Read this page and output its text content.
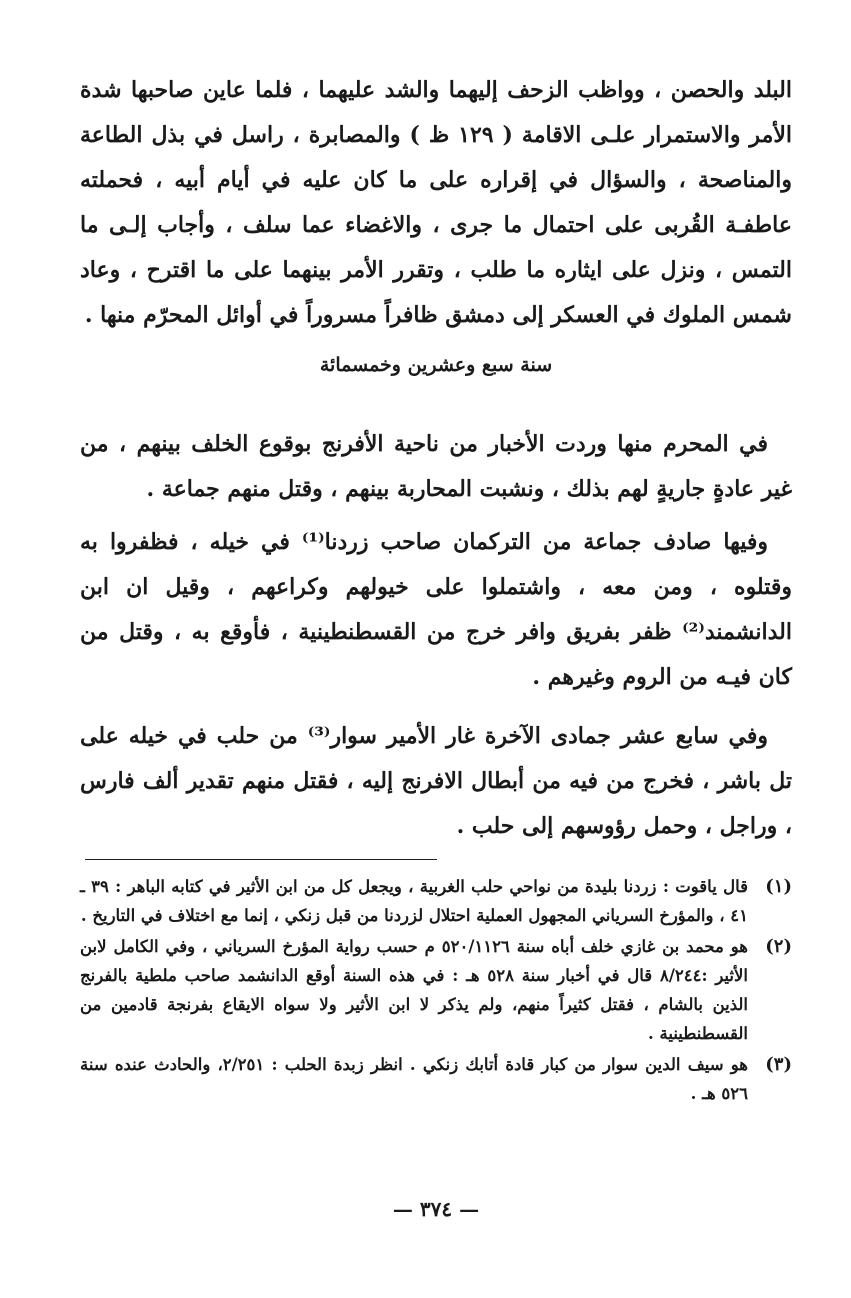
البلد والحصن ، وواظب الزحف إليهما والشد عليهما ، فلما عاين صاحبها شدة الأمر والاستمرار علـى الاقامة ( ١٢٩ ظ ) والمصابرة ، راسل في بذل الطاعة والمناصحة ، والسؤال في إقراره على ما كان عليه في أيام أبيه ، فحملته عاطفـة القُربى على احتمال ما جرى ، والاغضاء عما سلف ، وأجاب إلـى ما التمس ، ونزل على ايثاره ما طلب ، وتقرر الأمر بينهما على ما اقترح ، وعاد شمس الملوك في العسكر إلى دمشق ظافراً مسروراً في أوائل المحرّم منها .

سنة سبع وعشرين وخمسمائة

في المحرم منها وردت الأخبار من ناحية الأفرنج بوقوع الخلف بينهم ، من غير عادةٍ جاريةٍ لهم بذلك ، ونشبت المحاربة بينهم ، وقتل منهم جماعة .

وفيها صادف جماعة من التركمان صاحب زردنا⁽¹⁾ في خيله ، فظفروا به وقتلوه ، ومن معه ، واشتملوا على خيولهم وكراعهم ، وقيل ان ابن الدانشمند⁽²⁾ ظفر بفريق وافر خرج من القسطنطينية ، فأوقع به ، وقتل من كان فيـه من الروم وغيرهم .

وفي سابع عشر جمادى الآخرة غار الأمير سوار⁽³⁾ من حلب في خيله على تل باشر ، فخرج من فيه من أبطال الافرنج إليه ، فقتل منهم تقدير ألف فارس ، وراجل ، وحمل رؤوسهم إلى حلب .

(١)
قال ياقوت : زردنا بليدة من نواحي حلب الغربية ، ويجعل كل من ابن الأثير في كتابه الباهر : ٣٩ ـ ٤١ ، والمؤرخ السرياني المجهول العملية احتلال لزردنا من قبل زنكي ، إنما مع اختلاف في التاريخ .
(٢)
هو محمد بن غازي خلف أباه سنة ٥٢٠/١١٢٦ م حسب رواية المؤرخ السرياني ، وفي الكامل لابن الأثير :٨/٢٤٤ قال في أخبار سنة ٥٢٨ هـ : في هذه السنة أوقع الدانشمد صاحب ملطية بالفرنج الذين بالشام ، فقتل كثيراً منهم، ولم يذكر لا ابن الأثير ولا سواه الايقاع بفرنجة قادمين من القسطنطينية .
(٣)
هو سيف الدين سوار من كبار قادة أتابك زنكي . انظر زبدة الحلب : ٢/٢٥١، والحادث عنده سنة ٥٢٦ هـ .
— ٣٧٤ —
